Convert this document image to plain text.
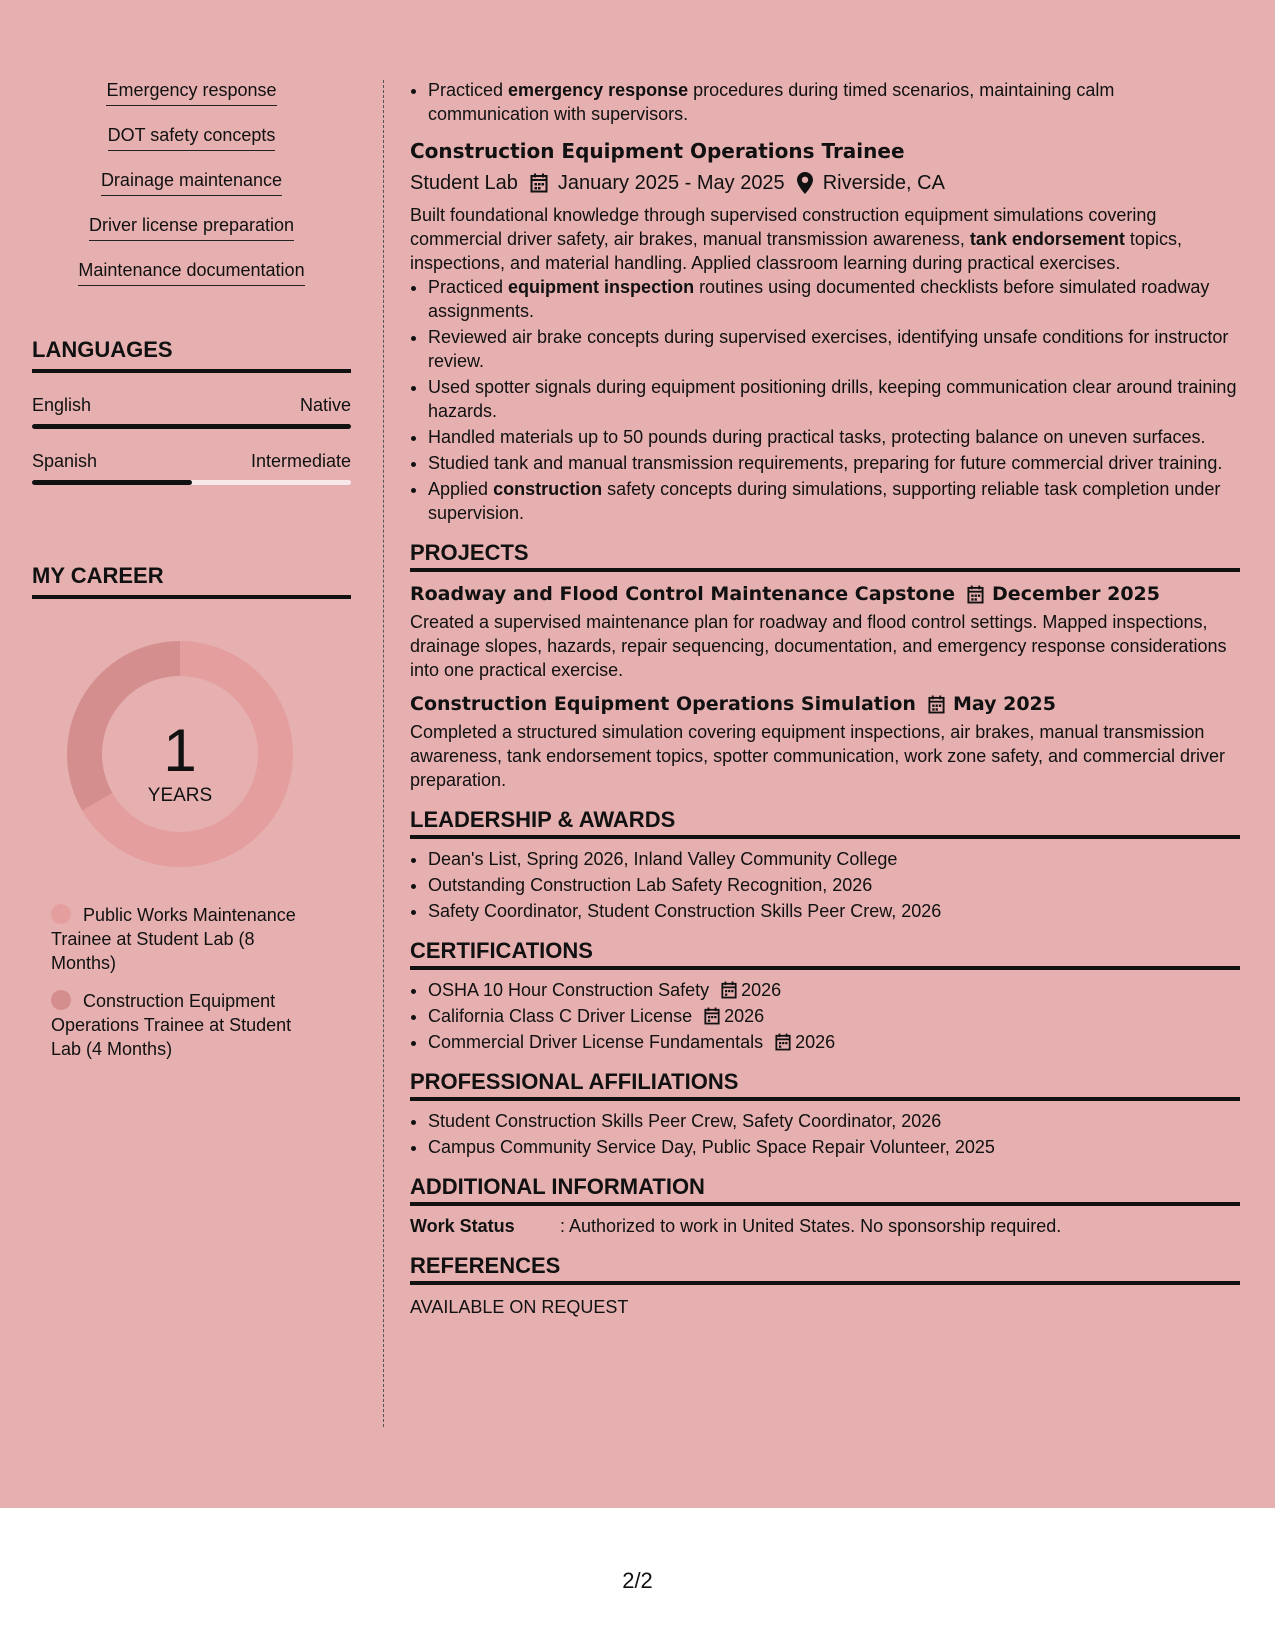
Emergency response
DOT safety concepts
Drainage maintenance
Driver license preparation
Maintenance documentation
LANGUAGES
English	Native
Spanish	Intermediate
MY CAREER
1
YEARS
Public Works Maintenance Trainee at Student Lab (8 Months)
Construction Equipment Operations Trainee at Student Lab (4 Months)
• Practiced emergency response procedures during timed scenarios, maintaining calm communication with supervisors.
Construction Equipment Operations Trainee
Student Lab January 2025 - May 2025 Riverside, CA
Built foundational knowledge through supervised construction equipment simulations covering commercial driver safety, air brakes, manual transmission awareness, tank endorsement topics, inspections, and material handling. Applied classroom learning during practical exercises.
• Practiced equipment inspection routines using documented checklists before simulated roadway assignments.
• Reviewed air brake concepts during supervised exercises, identifying unsafe conditions for instructor review.
• Used spotter signals during equipment positioning drills, keeping communication clear around training hazards.
• Handled materials up to 50 pounds during practical tasks, protecting balance on uneven surfaces.
• Studied tank and manual transmission requirements, preparing for future commercial driver training.
• Applied construction safety concepts during simulations, supporting reliable task completion under supervision.
PROJECTS
Roadway and Flood Control Maintenance Capstone December 2025
Created a supervised maintenance plan for roadway and flood control settings. Mapped inspections, drainage slopes, hazards, repair sequencing, documentation, and emergency response considerations into one practical exercise.
Construction Equipment Operations Simulation May 2025
Completed a structured simulation covering equipment inspections, air brakes, manual transmission awareness, tank endorsement topics, spotter communication, work zone safety, and commercial driver preparation.
LEADERSHIP & AWARDS
• Dean's List, Spring 2026, Inland Valley Community College
• Outstanding Construction Lab Safety Recognition, 2026
• Safety Coordinator, Student Construction Skills Peer Crew, 2026
CERTIFICATIONS
• OSHA 10 Hour Construction Safety 2026
• California Class C Driver License 2026
• Commercial Driver License Fundamentals 2026
PROFESSIONAL AFFILIATIONS
• Student Construction Skills Peer Crew, Safety Coordinator, 2026
• Campus Community Service Day, Public Space Repair Volunteer, 2025
ADDITIONAL INFORMATION
Work Status	: Authorized to work in United States. No sponsorship required.
REFERENCES
AVAILABLE ON REQUEST
2/2
